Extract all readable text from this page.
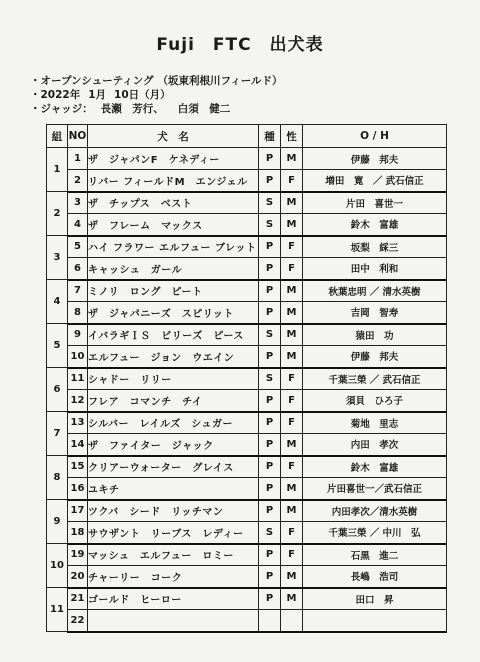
Fuji　FTC　出犬表
・オープンシューティング （坂東利根川フィールド）
・2022年 1月 10日（月）
・ジャッジ： 長瀬　芳行、 白須　健二
組	NO	犬　名	種	性	O / H
1	1	ザ　ジャパンF　ケネディー	P	M	伊藤　邦夫
	2	リバー フィールドM　エンジェル	P	F	増田　寛　／ 武石信正
2	3	ザ　チップス　ベスト	S	M	片田　喜世一
	4	ザ　フレーム　マックス	S	M	鈴木　富雄
3	5	ハイ フラワー エルフュー ブレット	P	F	坂梨　綵三
	6	キャッシュ　ガール	P	F	田中　利和
4	7	ミノリ　ロング　ピート	P	M	秋葉忠明 ／ 清水英樹
	8	ザ　ジャパニーズ　スピリット	P	M	吉岡　智寿
5	9	イバラギＩＳ　ビリーズ　ピース	S	M	猿田　功
	10	エルフュー　ジョン　ウエイン	P	M	伊藤　邦夫
6	11	シャドー　リリー	S	F	千葉三榮 ／ 武石信正
	12	フレア　コマンチ　チイ	P	F	須貝　ひろ子
7	13	シルバー　レイルズ　シュガー	P	F	菊地　里志
	14	ザ　ファイター　ジャック	P	M	内田　孝次
8	15	クリアーウォーター　グレイス	P	F	鈴木　富雄
	16	ユキチ	P	M	片田喜世一／武石信正
9	17	ツクバ　シード　リッチマン	P	M	内田孝次／清水英樹
	18	サウザント　リーブス　レディー	S	F	千葉三榮 ／ 中川　弘
10	19	マッシュ　エルフュー　ロミー	P	F	石黒　進二
	20	チャーリー　コーク	P	M	長嶋　浩司
11	21	ゴールド　ヒーロー	P	M	田口　昇
	22				
